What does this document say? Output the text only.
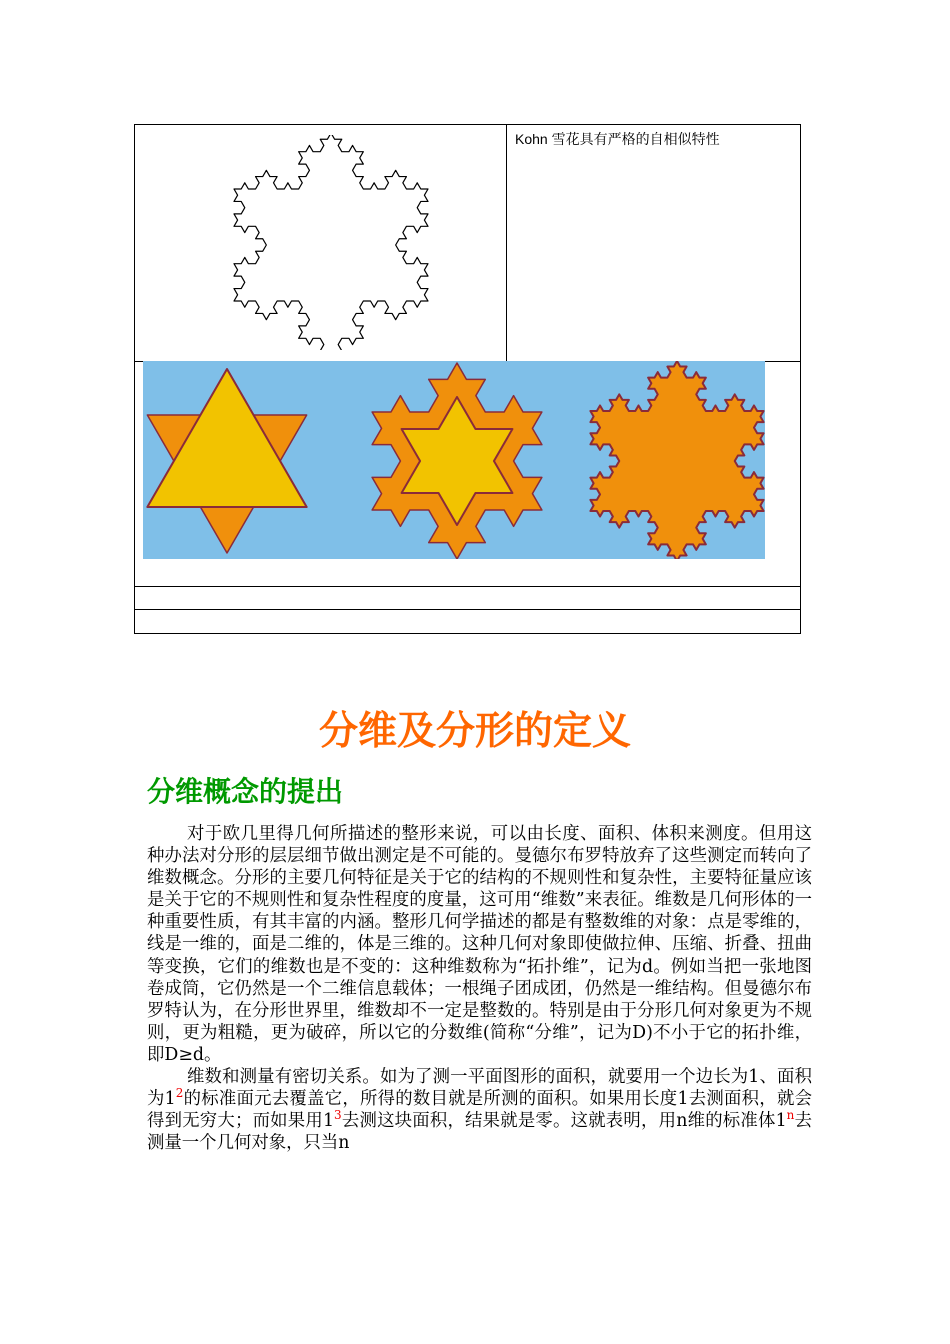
Kohn 雪花具有严格的自相似特性
分维及分形的定义
分维概念的提出

对于欧几里得几何所描述的整形来说，可以由长度、面积、体积来测度。但用这种办法对分形的层层细节做出测定是不可能的。曼德尔布罗特放弃了这些测定而转向了维数概念。分形的主要几何特征是关于它的结构的不规则性和复杂性，主要特征量应该是关于它的不规则性和复杂性程度的度量，这可用“维数”来表征。维数是几何形体的一种重要性质，有其丰富的内涵。整形几何学描述的都是有整数维的对象：点是零维的，线是一维的，面是二维的，体是三维的。这种几何对象即使做拉伸、压缩、折叠、扭曲等变换，它们的维数也是不变的：这种维数称为“拓扑维”，记为d。例如当把一张地图卷成筒，它仍然是一个二维信息载体；一根绳子团成团，仍然是一维结构。但曼德尔布罗特认为，在分形世界里，维数却不一定是整数的。特别是由于分形几何对象更为不规则，更为粗糙，更为破碎，所以它的分数维(简称“分维”，记为D)不小于它的拓扑维，即D≥d。

维数和测量有密切关系。如为了测一平面图形的面积，就要用一个边长为1、面积为$1^2$的标准面元去覆盖它，所得的数目就是所测的面积。如果用长度1去测面积，就会得到无穷大；而如果用$1^3$去测这块面积，结果就是零。这就表明，用n维的标准体1$^n$去测量一个几何对象，只当n
